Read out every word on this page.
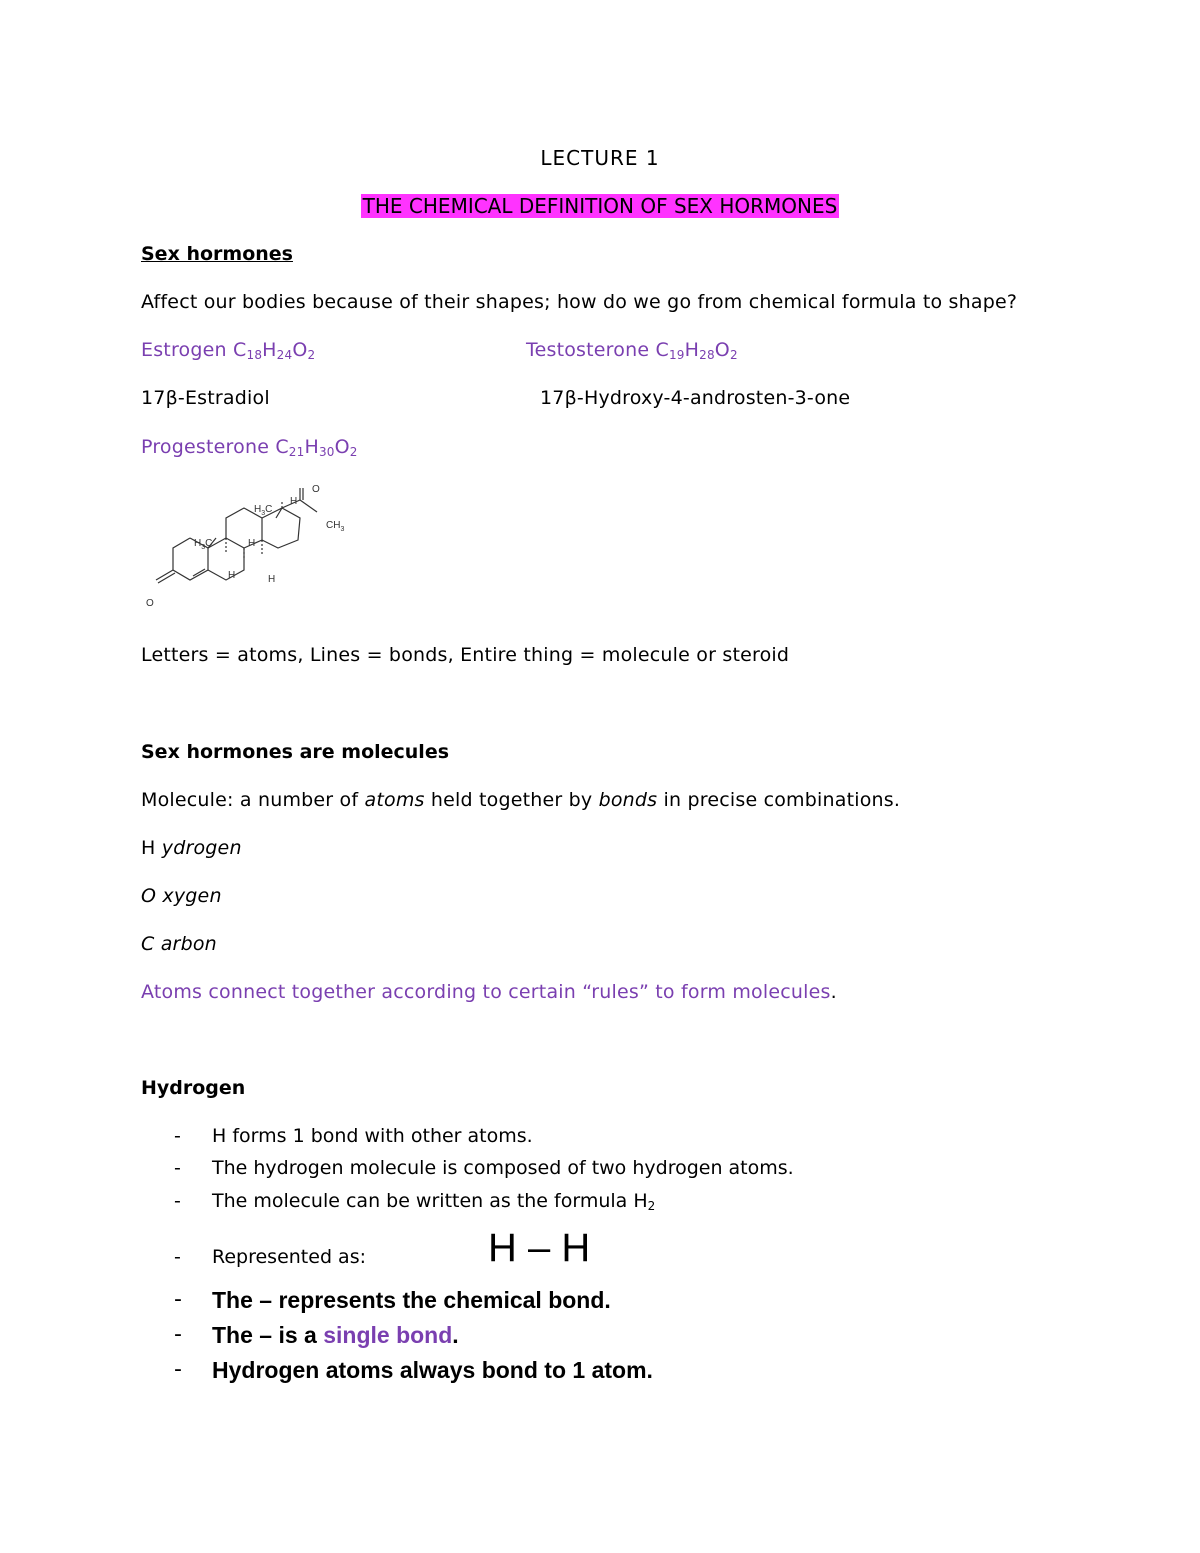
LECTURE 1
THE CHEMICAL DEFINITION OF SEX HORMONES
Sex hormones
Affect our bodies because of their shapes; how do we go from chemical formula to shape?
Estrogen $C_{18}H_{24}O_2$	Testosterone $C_{19}H_{28}O_2$
17β-Estradiol	17β-Hydroxy-4-androsten-3-one
Progesterone $C_{21}H_{30}O_2$
O
$CH_3$
$H_3C$
$H_3C$
H
H
H	H
O
Letters = atoms, Lines = bonds, Entire thing = molecule or steroid
Sex hormones are molecules
Molecule: a number of atoms held together by bonds in precise combinations.
H ydrogen
O xygen
C arbon
Atoms connect together according to certain “rules” to form molecules.
Hydrogen
- H forms 1 bond with other atoms.
- The hydrogen molecule is composed of two hydrogen atoms.
- The molecule can be written as the formula $H_2$
- Represented as:	H – H
- The – represents the chemical bond.
- The – is a single bond.
- Hydrogen atoms always bond to 1 atom.
